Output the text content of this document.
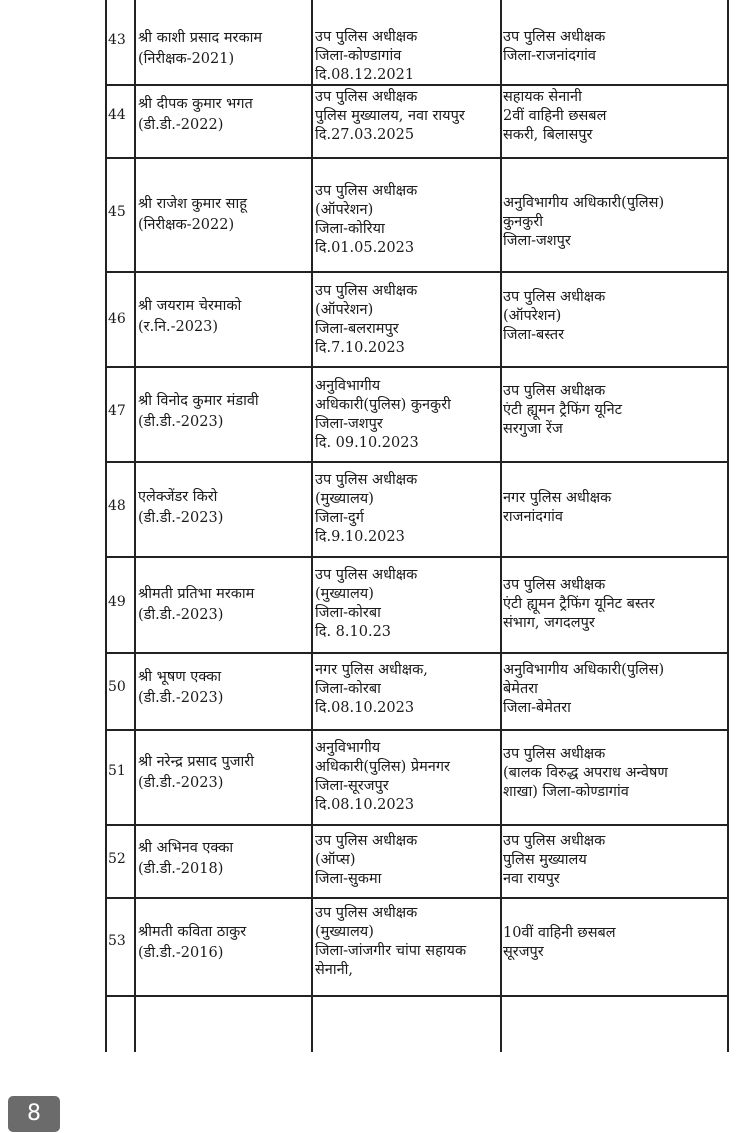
43 श्री काशी प्रसाद मरकाम
(निरीक्षक-2021)
उप पुलिस अधीक्षक
जिला-कोण्डागांव
दि.08.12.2021
उप पुलिस अधीक्षक
जिला-राजनांदगांव
44
श्री दीपक कुमार भगत
(डी.डी.-2022)
उप पुलिस अधीक्षक
पुलिस मुख्यालय, नवा रायपुर
दि.27.03.2025
सहायक सेनानी
2वीं वाहिनी छसबल
सकरी, बिलासपुर
45 श्री राजेश कुमार साहू
(निरीक्षक-2022)
उप पुलिस अधीक्षक
(ऑपरेशन)
जिला-कोरिया
दि.01.05.2023
अनुविभागीय अधिकारी(पुलिस)
कुनकुरी
जिला-जशपुर
46
श्री जयराम चेरमाको
(र.नि.-2023)
उप पुलिस अधीक्षक
(ऑपरेशन)
जिला-बलरामपुर
दि.7.10.2023
उप पुलिस अधीक्षक
(ऑपरेशन)
जिला-बस्तर
47
श्री विनोद कुमार मंडावी
(डी.डी.-2023)
अनुविभागीय
अधिकारी(पुलिस) कुनकुरी
जिला-जशपुर
दि. 09.10.2023
उप पुलिस अधीक्षक
एंटी ह्यूमन ट्रैफिंग यूनिट
सरगुजा रेंज
48
एलेक्जेंडर किरो
(डी.डी.-2023)
उप पुलिस अधीक्षक
(मुख्यालय)
जिला-दुर्ग
दि.9.10.2023
नगर पुलिस अधीक्षक
राजनांदगांव
49 श्रीमती प्रतिभा मरकाम
(डी.डी.-2023)
उप पुलिस अधीक्षक
(मुख्यालय)
जिला-कोरबा
दि. 8.10.23
उप पुलिस अधीक्षक
एंटी ह्यूमन ट्रैफिंग यूनिट बस्तर
संभाग, जगदलपुर
50
श्री भूषण एक्का
(डी.डी.-2023)
नगर पुलिस अधीक्षक,
जिला-कोरबा
दि.08.10.2023
अनुविभागीय अधिकारी(पुलिस)
बेमेतरा
जिला-बेमेतरा
51
श्री नरेन्द्र प्रसाद पुजारी
(डी.डी.-2023)
अनुविभागीय
अधिकारी(पुलिस) प्रेमनगर
जिला-सूरजपुर
दि.08.10.2023
उप पुलिस अधीक्षक
(बालक विरुद्ध अपराध अन्वेषण
शाखा) जिला-कोण्डागांव
52
श्री अभिनव एक्का
(डी.डी.-2018)
उप पुलिस अधीक्षक
(ऑप्स)
जिला-सुकमा
उप पुलिस अधीक्षक
पुलिस मुख्यालय
नवा रायपुर
53
श्रीमती कविता ठाकुर
(डी.डी.-2016)
उप पुलिस अधीक्षक
(मुख्यालय)
जिला-जांजगीर चांपा सहायक
सेनानी,
10वीं वाहिनी छसबल
सूरजपुर
8
